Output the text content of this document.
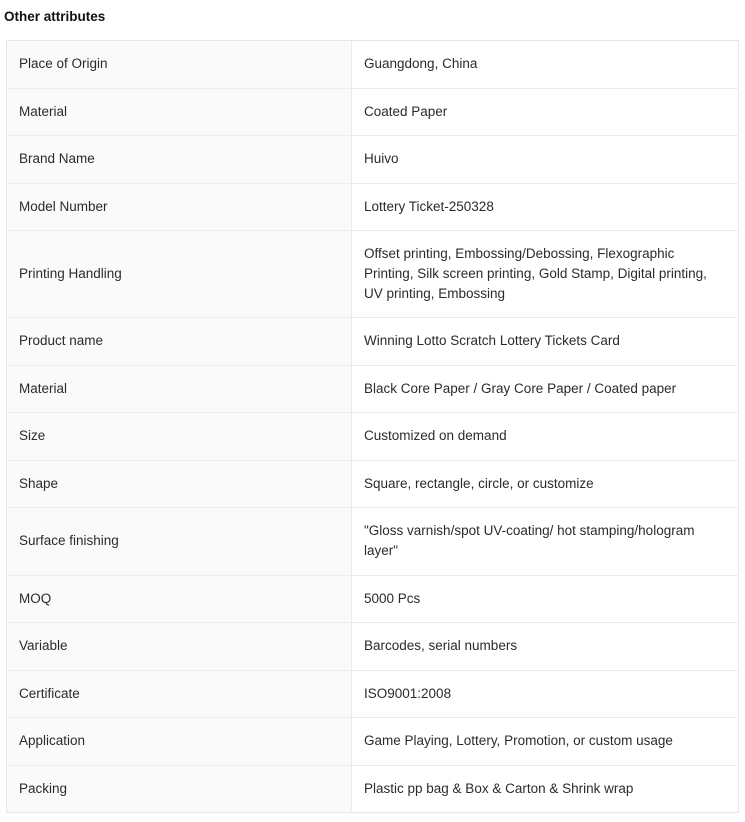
Other attributes
Place of Origin	Guangdong, China
Material	Coated Paper
Brand Name	Huivo
Model Number	Lottery Ticket-250328
Printing Handling	Offset printing, Embossing/Debossing, Flexographic Printing, Silk screen printing, Gold Stamp, Digital printing, UV printing, Embossing
Product name	Winning Lotto Scratch Lottery Tickets Card
Material	Black Core Paper / Gray Core Paper / Coated paper
Size	Customized on demand
Shape	Square, rectangle, circle, or customize
Surface finishing	"Gloss varnish/spot UV-coating/ hot stamping/hologram layer"
MOQ	5000 Pcs
Variable	Barcodes, serial numbers
Certificate	ISO9001:2008
Application	Game Playing, Lottery, Promotion, or custom usage
Packing	Plastic pp bag & Box & Carton & Shrink wrap
